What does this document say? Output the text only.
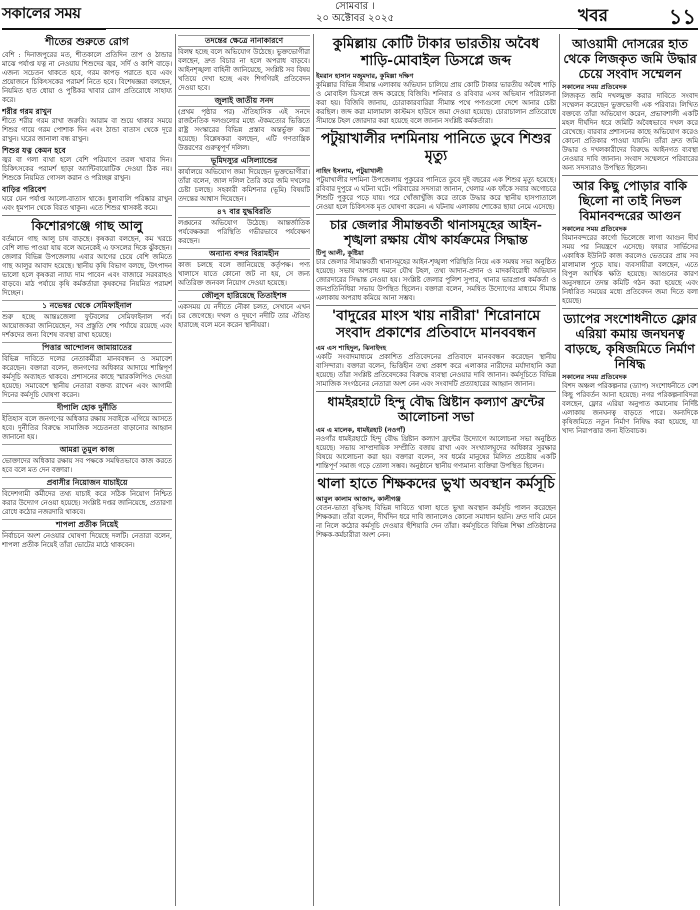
সকালের সময়	সোমবার ।
২০ অক্টোবর ২০২৫	খবর	১১
শীতের শুরুতে রোগ

বেশি : দিনাজপুরের মত, শীতকালে প্রতিদিন তাপ ও ঠান্ডার মাঝে পর্যাপ্ত যত্ন না নেওয়ায় শিশুদের জ্বর, সর্দি ও কাশি বাড়ে। এজন্য সচেতন থাকতে হবে, গরম কাপড় পরাতে হবে এবং প্রয়োজনে চিকিৎসকের পরামর্শ নিতে হবে। বিশেষজ্ঞরা বলছেন, নিয়মিত হাত ধোয়া ও পুষ্টিকর খাবার রোগ প্রতিরোধে সাহায্য করে।

শরীর গরম রাখুন

শীতে শরীর গরম রাখা জরুরি। আরাম বা শুয়ে থাকার সময়ে শিশুর গায়ে গরম পোশাক দিন এবং ঠান্ডা বাতাস থেকে দূরে রাখুন। ঘরের জানালা বন্ধ রাখুন।

শিশুর যত্ন কেমন হবে

জ্বর বা গলা ব্যথা হলে বেশি পরিমাণে তরল খাবার দিন। চিকিৎসকের পরামর্শ ছাড়া অ্যান্টিবায়োটিক দেওয়া ঠিক নয়। শিশুকে নিয়মিত গোসল করান ও পরিচ্ছন্ন রাখুন।

বাড়ির পরিবেশ

ঘরে যেন পর্যাপ্ত আলো-বাতাস থাকে। ধুলাবালি পরিষ্কার রাখুন এবং ধূমপান থেকে বিরত থাকুন। এতে শিশুর শ্বাসকষ্ট কমে।

কিশোরগঞ্জে গাছ আলু

বর্তমানে গাছ আলু চাষ বাড়ছে। কৃষকরা বলছেন, কম খরচে বেশি লাভ পাওয়া যায় বলে অনেকেই এ ফসলের দিকে ঝুঁকছেন। জেলার বিভিন্ন উপজেলায় এবার আগের চেয়ে বেশি জমিতে গাছ আলুর আবাদ হয়েছে। স্থানীয় কৃষি বিভাগ বলছে, উৎপাদন ভালো হলে কৃষকরা ন্যায্য দাম পাবেন এবং বাজারে সরবরাহও বাড়বে। মাঠ পর্যায়ে কৃষি কর্মকর্তারা কৃষকদের নিয়মিত পরামর্শ দিচ্ছেন।

১ নভেম্বর থেকে সেমিফাইনাল

শুরু হচ্ছে আন্তঃজেলা ফুটবলের সেমিফাইনাল পর্ব। আয়োজকরা জানিয়েছেন, সব প্রস্তুতি শেষ পর্যায়ে রয়েছে এবং দর্শকদের জন্য বিশেষ ব্যবস্থা রাখা হয়েছে।

পিত্তার আন্দোলন জামায়াতের

বিভিন্ন দাবিতে দলের নেতাকর্মীরা মানববন্ধন ও সমাবেশ করেছেন। বক্তারা বলেন, জনগণের অধিকার আদায়ে শান্তিপূর্ণ কর্মসূচি অব্যাহত থাকবে। প্রশাসনের কাছে স্মারকলিপিও দেওয়া হয়েছে। সমাবেশে স্থানীয় নেতারা বক্তব্য রাখেন এবং আগামী দিনের কর্মসূচি ঘোষণা করেন।

দীপালি হোক দুর্নীতি

ইতিহাস বলে জনগণের অধিকার রক্ষায় সবাইকে এগিয়ে আসতে হবে। দুর্নীতির বিরুদ্ধে সামাজিক সচেতনতা বাড়ানোর আহ্বান জানানো হয়।

আমরা তুমুল কাজ

ভোক্তাদের অধিকার রক্ষায় সব পক্ষকে সমন্বিতভাবে কাজ করতে হবে বলে মত দেন বক্তারা।

প্রবাসীর নিয়োজন যাচাইয়ে

বিদেশগামী কর্মীদের তথ্য যাচাই করে সঠিক নিয়োগ নিশ্চিত করার উদ্যোগ নেওয়া হয়েছে। সংশ্লিষ্ট দপ্তর জানিয়েছে, প্রতারণা রোধে কঠোর নজরদারি থাকবে।

শাপলা প্রতীক নিয়েই

নির্বাচনে অংশ নেওয়ার ঘোষণা দিয়েছে দলটি। নেতারা বলেন, শাপলা প্রতীক নিয়েই তাঁরা ভোটের মাঠে থাকবেন।

তদন্তের ক্ষেত্রে নানাকারণে

বিলম্ব হচ্ছে বলে অভিযোগ উঠেছে। ভুক্তভোগীরা বলছেন, দ্রুত বিচার না হলে অপরাধ বাড়বে। আইনশৃঙ্খলা বাহিনী জানিয়েছে, সংশ্লিষ্ট সব বিষয় খতিয়ে দেখা হচ্ছে এবং শিগগিরই প্রতিবেদন দেওয়া হবে।

জুলাই জাতীয় সনদ

(প্রথম পৃষ্ঠার পর) ঐতিহাসিক এই সনদে রাজনৈতিক দলগুলোর মধ্যে ঐকমত্যের ভিত্তিতে রাষ্ট্র সংস্কারের বিভিন্ন প্রস্তাব অন্তর্ভুক্ত করা হয়েছে। বিশ্লেষকরা বলছেন, এটি গণতান্ত্রিক উত্তরণের গুরুত্বপূর্ণ দলিল।

ভূমিদস্যুর এসিল্যান্ডের

কার্যালয়ে অভিযোগ জমা দিয়েছেন ভুক্তভোগীরা। তাঁরা বলেন, জাল দলিল তৈরি করে জমি দখলের চেষ্টা চলছে। সহকারী কমিশনার (ভূমি) বিষয়টি তদন্তের আশ্বাস দিয়েছেন।

৪৭ বার যুদ্ধবিরতি

লঙ্ঘনের অভিযোগ উঠেছে। আন্তর্জাতিক পর্যবেক্ষকরা পরিস্থিতি গভীরভাবে পর্যবেক্ষণ করছেন।

অন্যান্য বন্দর বিরামহীন

কাজ চলছে বলে জানিয়েছে কর্তৃপক্ষ। পণ্য খালাসে যাতে কোনো জট না হয়, সে জন্য অতিরিক্ত জনবল নিয়োগ দেওয়া হয়েছে।

জৌলুস হারিয়েছে তিতাইশঙ্গ

একসময় যে নদীতে নৌকা চলত, সেখানে এখন চর জেগেছে। দখল ও দূষণে নদীটি তার ঐতিহ্য হারাচ্ছে বলে মনে করেন স্থানীয়রা।

কুমিল্লায় কোটি টাকার ভারতীয় অবৈধ শাড়ি-মোবাইল ডিসপ্লে জব্দ

ইমরান হাসান মজুমদার, কুমিল্লা দক্ষিণ

কুমিল্লার বিভিন্ন সীমান্ত এলাকায় অভিযান চালিয়ে প্রায় কোটি টাকার ভারতীয় অবৈধ শাড়ি ও মোবাইল ডিসপ্লে জব্দ করেছে বিজিবি। শনিবার ও রবিবার এসব অভিযান পরিচালনা করা হয়। বিজিবি জানায়, চোরাকারবারিরা সীমান্ত পথে পণ্যগুলো দেশে আনার চেষ্টা করছিল। জব্দ করা মালামাল কাস্টমস হাউসে জমা দেওয়া হয়েছে। চোরাচালান প্রতিরোধে সীমান্তে টহল জোরদার করা হয়েছে বলে জানান সংশ্লিষ্ট কর্মকর্তারা।

পটুয়াখালীর দশমিনায় পানিতে ডুবে শিশুর মৃত্যু

নাহিদ ইসলাম, পটুয়াখালী

পটুয়াখালীর দশমিনা উপজেলায় পুকুরের পানিতে ডুবে দুই বছরের এক শিশুর মৃত্যু হয়েছে। রবিবার দুপুরে এ ঘটনা ঘটে। পরিবারের সদস্যরা জানান, খেলার এক ফাঁকে সবার অগোচরে শিশুটি পুকুরে পড়ে যায়। পরে খোঁজাখুঁজি করে তাকে উদ্ধার করে স্থানীয় হাসপাতালে নেওয়া হলে চিকিৎসক মৃত ঘোষণা করেন। এ ঘটনায় এলাকায় শোকের ছায়া নেমে এসেছে।

চার জেলার সীমান্তবর্তী থানাসমূহের আইন-শৃঙ্খলা রক্ষায় যৌথ কার্যক্রমের সিদ্ধান্ত

টিপু আলী, কুষ্টিয়া

চার জেলার সীমান্তবর্তী থানাসমূহের আইন-শৃঙ্খলা পরিস্থিতি নিয়ে এক সমন্বয় সভা অনুষ্ঠিত হয়েছে। সভায় অপরাধ দমনে যৌথ টহল, তথ্য আদান-প্রদান ও মাদকবিরোধী অভিযান জোরদারের সিদ্ধান্ত নেওয়া হয়। সংশ্লিষ্ট জেলার পুলিশ সুপার, থানার ভারপ্রাপ্ত কর্মকর্তা ও জনপ্রতিনিধিরা সভায় উপস্থিত ছিলেন। বক্তারা বলেন, সমন্বিত উদ্যোগের মাধ্যমে সীমান্ত এলাকায় অপরাধ কমিয়ে আনা সম্ভব।

'বাদুরের মাংস খায় নারীরা' শিরোনামে সংবাদ প্রকাশের প্রতিবাদে মানববন্ধন

এম এস শাহিদুল, ঝিনাইদহ

একটি সংবাদমাধ্যমে প্রকাশিত প্রতিবেদনের প্রতিবাদে মানববন্ধন করেছেন স্থানীয় বাসিন্দারা। বক্তারা বলেন, ভিত্তিহীন তথ্য প্রকাশ করে এলাকার নারীদের মর্যাদাহানি করা হয়েছে। তাঁরা সংশ্লিষ্ট প্রতিবেদকের বিরুদ্ধে ব্যবস্থা নেওয়ার দাবি জানান। কর্মসূচিতে বিভিন্ন সামাজিক সংগঠনের নেতারা অংশ নেন এবং সংবাদটি প্রত্যাহারের আহ্বান জানান।

ধামইরহাটে হিন্দু বৌদ্ধ খ্রিষ্টান কল্যাণ ফ্রন্টের আলোচনা সভা

এম এ মালেক, ধামইরহাট (নওগাঁ)

নওগাঁর ধামইরহাটে হিন্দু বৌদ্ধ খ্রিষ্টান কল্যাণ ফ্রন্টের উদ্যোগে আলোচনা সভা অনুষ্ঠিত হয়েছে। সভায় সাম্প্রদায়িক সম্প্রীতি বজায় রাখা এবং সংখ্যালঘুদের অধিকার সুরক্ষার বিষয়ে আলোচনা করা হয়। বক্তারা বলেন, সব ধর্মের মানুষের মিলিত প্রচেষ্টায় একটি শান্তিপূর্ণ সমাজ গড়ে তোলা সম্ভব। অনুষ্ঠানে স্থানীয় গণ্যমান্য ব্যক্তিরা উপস্থিত ছিলেন।

থালা হাতে শিক্ষকদের ভুখা অবস্থান কর্মসূচি

আবুল কালাম আজাদ, কালীগঞ্জ

বেতন-ভাতা বৃদ্ধিসহ বিভিন্ন দাবিতে থালা হাতে ভুখা অবস্থান কর্মসূচি পালন করেছেন শিক্ষকরা। তাঁরা বলেন, দীর্ঘদিন ধরে দাবি জানালেও কোনো সমাধান হয়নি। দ্রুত দাবি মেনে না নিলে কঠোর কর্মসূচি দেওয়ার হুঁশিয়ারি দেন তাঁরা। কর্মসূচিতে বিভিন্ন শিক্ষা প্রতিষ্ঠানের শিক্ষক-কর্মচারীরা অংশ নেন।

আওয়ামী দোসরের হাত থেকে লিজকৃত জমি উদ্ধার চেয়ে সংবাদ সম্মেলন

সকালের সময় প্রতিবেদক

লিজকৃত জমি দখলমুক্ত করার দাবিতে সংবাদ সম্মেলন করেছেন ভুক্তভোগী এক পরিবার। লিখিত বক্তব্যে তাঁরা অভিযোগ করেন, প্রভাবশালী একটি মহল দীর্ঘদিন ধরে জমিটি অবৈধভাবে দখল করে রেখেছে। বারবার প্রশাসনের কাছে অভিযোগ করেও কোনো প্রতিকার পাওয়া যায়নি। তাঁরা দ্রুত জমি উদ্ধার ও দখলকারীদের বিরুদ্ধে আইনগত ব্যবস্থা নেওয়ার দাবি জানান। সংবাদ সম্মেলনে পরিবারের অন্য সদস্যরাও উপস্থিত ছিলেন।

আর কিছু পোড়ার বাকি ছিলো না তাই নিভল বিমানবন্দরের আগুন

সকালের সময় প্রতিবেদক

বিমানবন্দরের কার্গো ভিলেজে লাগা আগুন দীর্ঘ সময় পর নিয়ন্ত্রণে এসেছে। ফায়ার সার্ভিসের একাধিক ইউনিট কাজ করলেও ভেতরের প্রায় সব মালামাল পুড়ে যায়। ব্যবসায়ীরা বলছেন, এতে বিপুল আর্থিক ক্ষতি হয়েছে। আগুনের কারণ অনুসন্ধানে তদন্ত কমিটি গঠন করা হয়েছে এবং নির্ধারিত সময়ের মধ্যে প্রতিবেদন জমা দিতে বলা হয়েছে।

ড্যাপের সংশোধনীতে ফ্লোর এরিয়া কমায় জনঘনত্ব বাড়ছে, কৃষিজমিতে নির্মাণ নিষিদ্ধ

সকালের সময় প্রতিবেদক

বিশদ অঞ্চল পরিকল্পনার (ড্যাপ) সংশোধনীতে বেশ কিছু পরিবর্তন আনা হয়েছে। নগর পরিকল্পনাবিদরা বলছেন, ফ্লোর এরিয়া অনুপাত কমানোয় নির্দিষ্ট এলাকায় জনঘনত্ব বাড়তে পারে। অন্যদিকে কৃষিজমিতে নতুন নির্মাণ নিষিদ্ধ করা হয়েছে, যা খাদ্য নিরাপত্তার জন্য ইতিবাচক।
